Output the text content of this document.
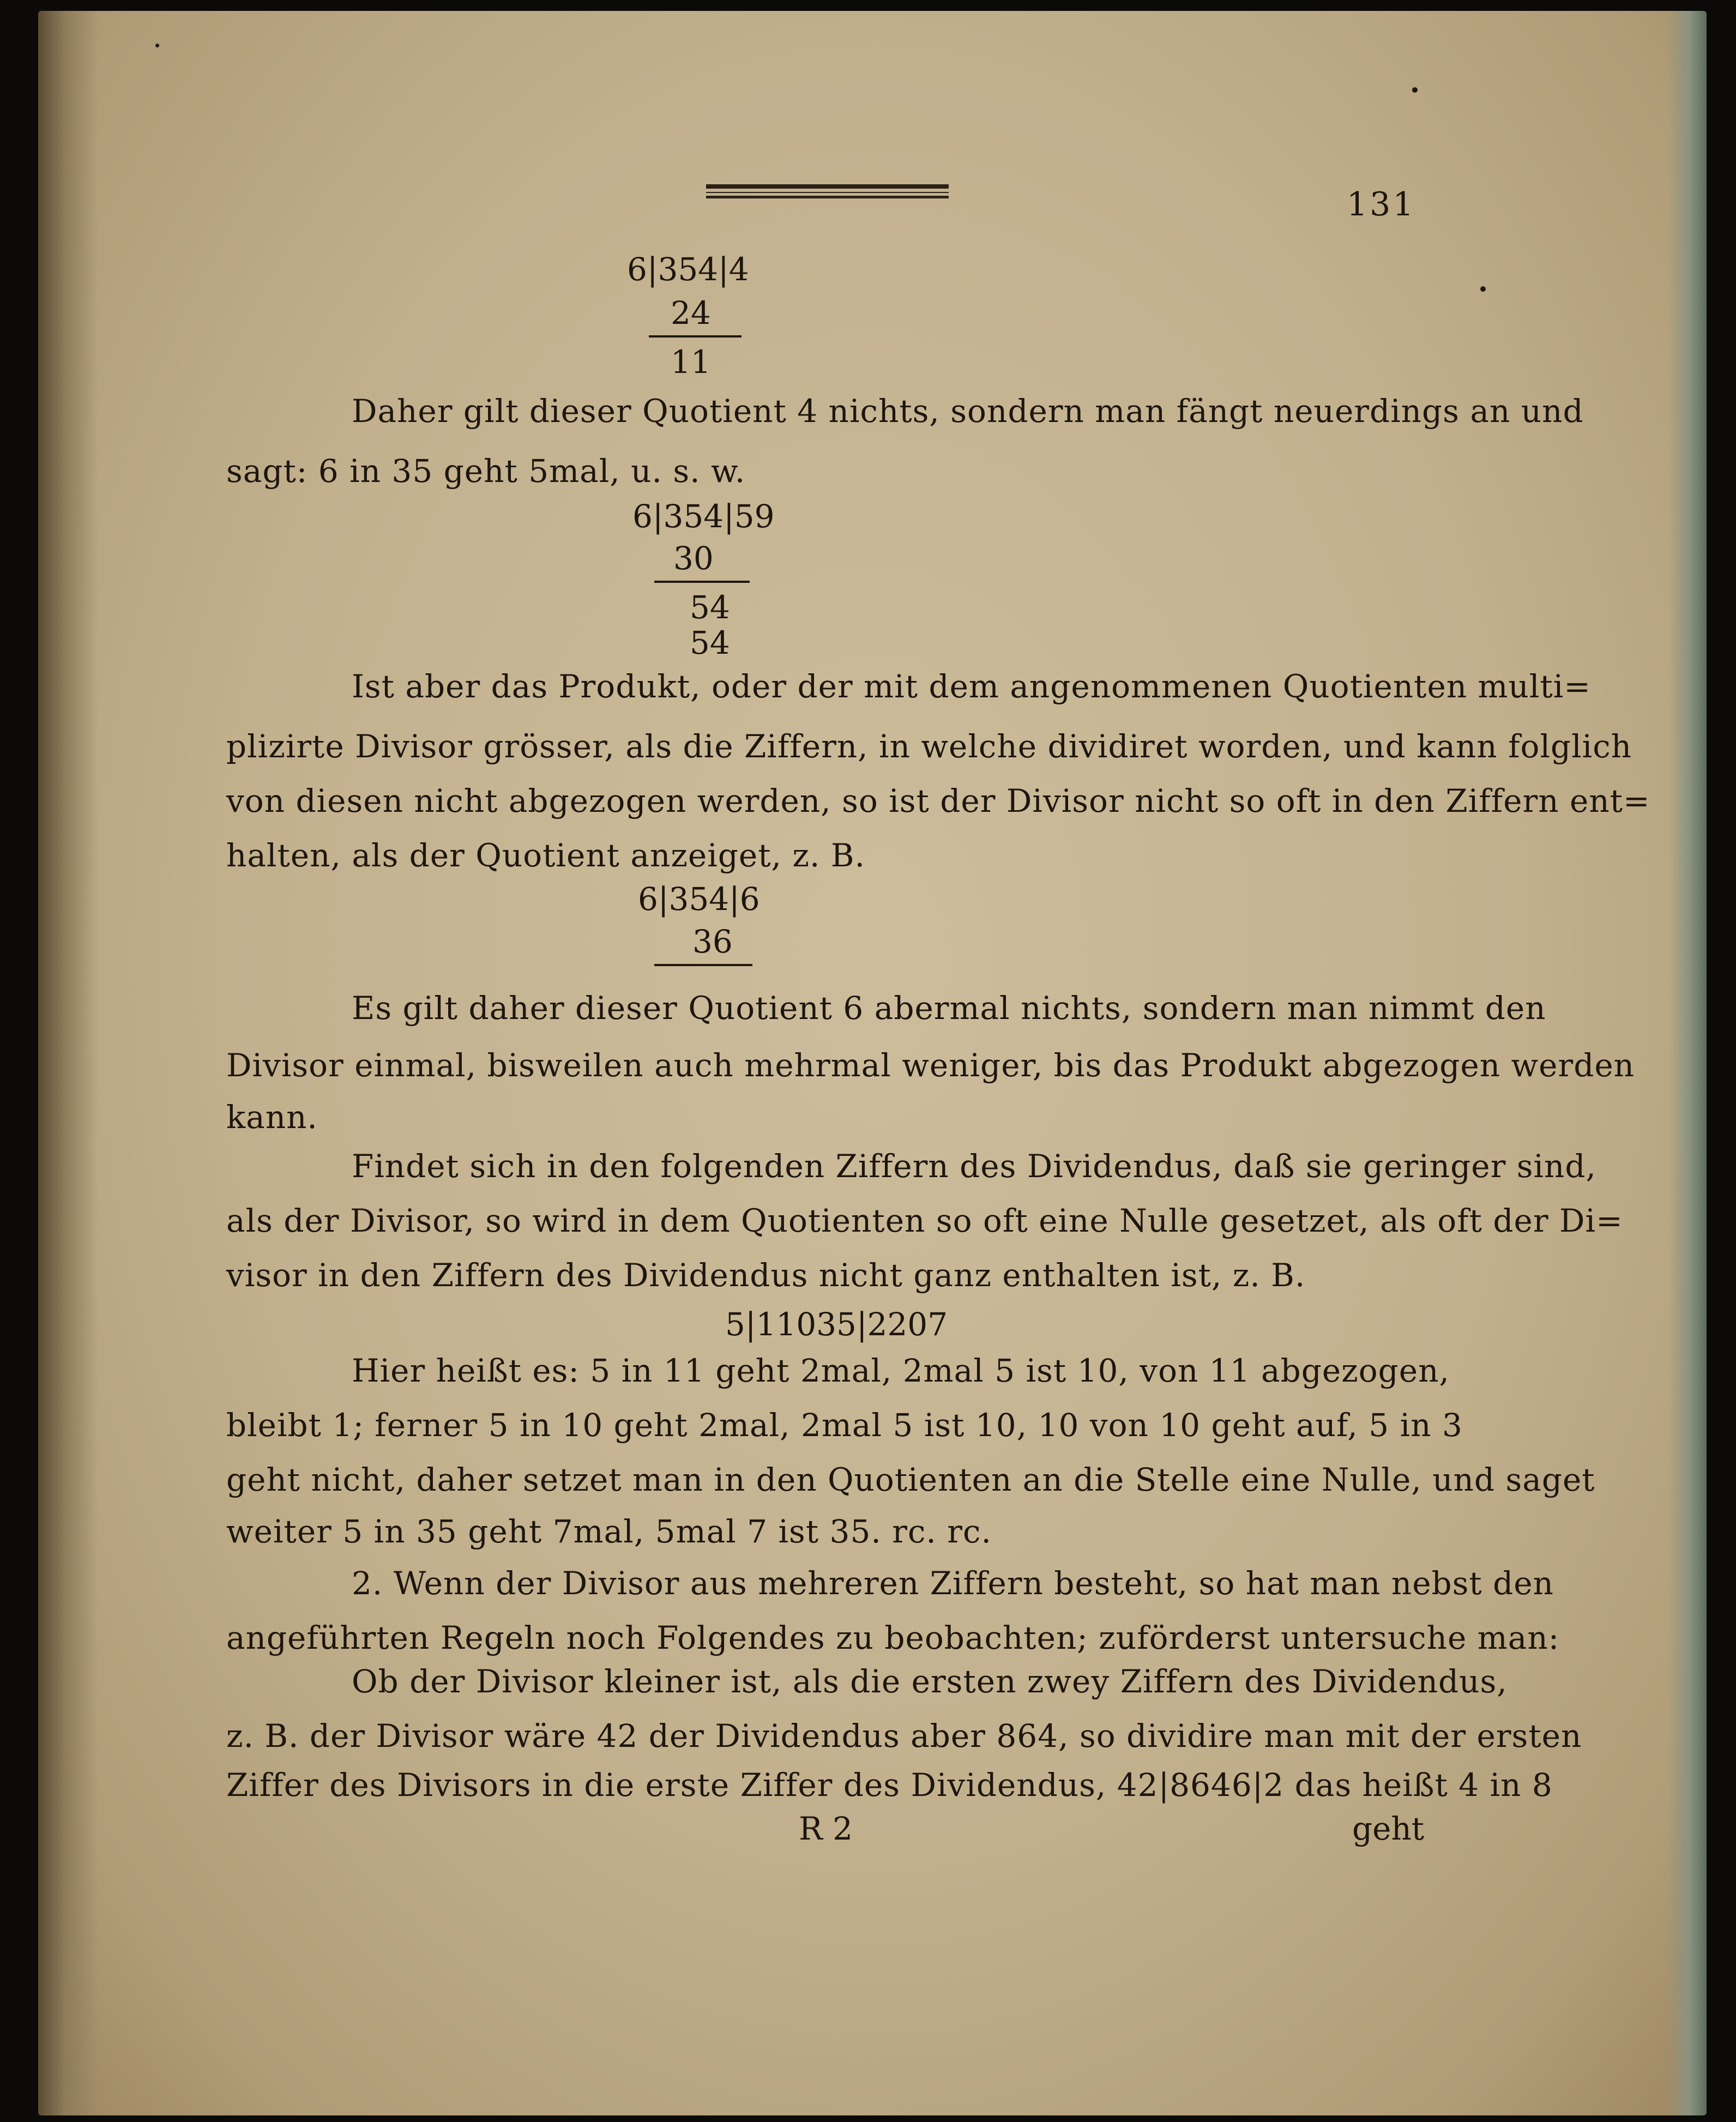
131
6|354|4
24
11
Daher gilt dieser Quotient 4 nichts, sondern man fängt neuerdings an und
sagt: 6 in 35 geht 5mal, u. s. w.
6|354|59
30
54
54
Ist aber das Produkt, oder der mit dem angenommenen Quotienten multi=
plizirte Divisor grösser, als die Ziffern, in welche dividiret worden, und kann folglich
von diesen nicht abgezogen werden, so ist der Divisor nicht so oft in den Ziffern ent=
halten, als der Quotient anzeiget, z. B.
6|354|6
36
Es gilt daher dieser Quotient 6 abermal nichts, sondern man nimmt den
Divisor einmal, bisweilen auch mehrmal weniger, bis das Produkt abgezogen werden
kann.
Findet sich in den folgenden Ziffern des Dividendus, daß sie geringer sind,
als der Divisor, so wird in dem Quotienten so oft eine Nulle gesetzet, als oft der Di=
visor in den Ziffern des Dividendus nicht ganz enthalten ist, z. B.
5|11035|2207
Hier heißt es: 5 in 11 geht 2mal, 2mal 5 ist 10, von 11 abgezogen,
bleibt 1; ferner 5 in 10 geht 2mal, 2mal 5 ist 10, 10 von 10 geht auf, 5 in 3
geht nicht, daher setzet man in den Quotienten an die Stelle eine Nulle, und saget
weiter 5 in 35 geht 7mal, 5mal 7 ist 35. rc. rc.
2. Wenn der Divisor aus mehreren Ziffern besteht, so hat man nebst den
angeführten Regeln noch Folgendes zu beobachten; zuförderst untersuche man:
Ob der Divisor kleiner ist, als die ersten zwey Ziffern des Dividendus,
z. B. der Divisor wäre 42 der Dividendus aber 864, so dividire man mit der ersten
Ziffer des Divisors in die erste Ziffer des Dividendus, 42|8646|2 das heißt 4 in 8
R 2	geht
